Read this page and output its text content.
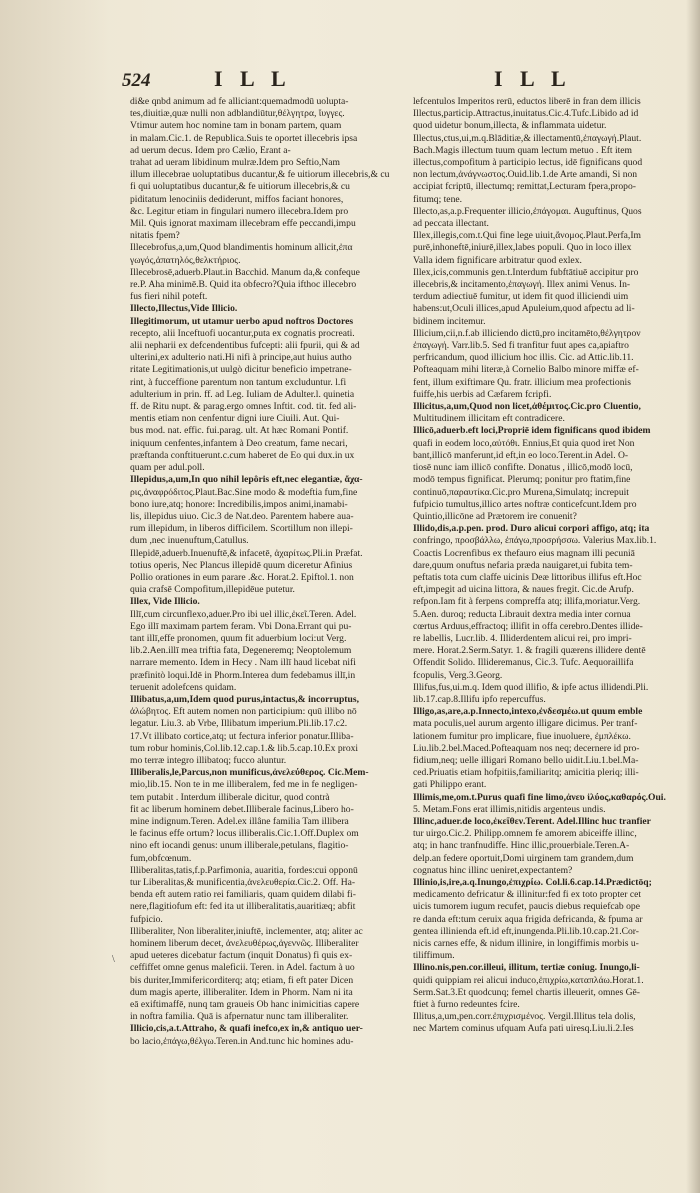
524	I L L	I L L
\
di&e qnbd animum ad fe alliciant:quemadmodū uolupta-
tes,diuitiæ,quæ nulli non adblandiūtur,θέλγητρα, ἴυγγες.
Vtimur autem hoc nomine tam in bonam partem, quam
in malam.Cic.1. de Republica.Suis te oportet illecebris ipsa
ad uerum decus. Idem pro Cælio, Erant a-
trahat ad ueram libidinum mulræ.Idem pro Seftio,Nam
illum illecebrae uoluptatibus ducantur,& fe uitiorum illecebris,& cu
fi qui uoluptatibus ducantur,& fe uitiorum illecebris,& cu
piditatum lenociniis dediderunt, miffos faciant honores,
&c. Legitur etiam in fingulari numero illecebra.Idem pro
Mil. Quis ignorat maximam illecebram effe peccandi,impu
nitatis fpem?
Illecebrofus,a,um,Quod blandimentis hominum allicit,ἐπα
γωγός,ἀπατηλός,θελκτήριος.
Illecebrosē,aduerb.Plaut.in Bacchid. Manum da,& confeque
re.P. Aha minimē.B. Quid ita obfecro?Quia ifthoc illecebro
fus fieri nihil poteft.
Illecto,Illectus,Vide Illicio.
Illegitimorum, ut utamur uerbo apud noftros Doctores
recepto, alii Inceftuofi uocantur,puta ex cognatis procreati.
alii nepharii ex defcendentibus fufcepti: alii fpurii, qui & ad
ulterini,ex adulterio nati.Hi nifi à principe,aut huius autho
ritate Legitimationis,ut uulgò dicitur beneficio impetrane-
rint, à fucceffione parentum non tantum excluduntur. l.fi
adulterium in prin. ff. ad Leg. Iuliam de Adulter.l. quinetia
ff. de Ritu nupt. & parag.ergo omnes Inftit. cod. tit. fed ali-
mentis etiam non cenfentur digni iure Ciuili. Aut. Qui-
bus mod. nat. effic. fui.parag. ult. At hæc Romani Pontif.
iniquum cenfentes,infantem à Deo creatum, fame necari,
præftanda conftituerunt.c.cum haberet de Eo qui dux.in ux
quam per adul.poll.
Illepidus,a,um,In quo nihil lepôris eft,nec elegantiæ, ἄχα-
ρις,ἀναφρόδιτος.Plaut.Bac.Sine modo & modeftia fum,fine
bono iure,atq; honore: Incredibilis,impos animi,inamabi-
lis, illepidus uiuo. Cic.3 de Nat.deo. Parentem habere aua-
rum illepidum, in liberos difficilem. Scortillum non illepi-
dum ,nec inuenuftum,Catullus.
Illepidē,aduerb.Inuenuftē,& infacetē, ἀχαρίτως.Pli.in Præfat.
totius operis, Nec Plancus illepidē quum diceretur Afinius
Pollio orationes in eum parare .&c. Horat.2. Epiftol.1. non
quia crafsē Compofitum,illepidēue putetur.
Illex, Vide Illicio.
Illī,cum circunflexo,aduer.Pro ibi uel illic,ἐκεῖ.Teren. Adel.
Ego illī maximam partem feram. Vbi Dona.Errant qui pu-
tant illī,effe pronomen, quum fit aduerbium loci:ut Verg.
lib.2.Aen.illī mea triftia fata, Degeneremq; Neoptolemum
narrare memento. Idem in Hecy . Nam illī haud licebat nifi
præfinitò loqui.Idē in Phorm.Interea dum fedebamus illī,in
teruenit adolefcens quidam.
Illibatus,a,um,Idem quod purus,intactus,& incorruptus,
ἀλώβητος. Eft autem nomen non participium: quū illibo nō
legatur. Liu.3. ab Vrbe, Illibatum imperium.Pli.lib.17.c2.
17.Vt illibato cortice,atq; ut fectura inferior ponatur.Illiba-
tum robur hominis,Col.lib.12.cap.1.& lib.5.cap.10.Ex proxi
mo terræ integro illibatoq; fucco aluntur.
Illiberalis,le,Parcus,non munificus,ἀνελεύθερος. Cic.Mem-
mio,lib.15. Non te in me illiberalem, fed me in fe negligen-
tem putabit . Interdum illiberale dicitur, quod contrà
fit ac liberum hominem debet.Illiberale facinus,Libero ho-
mine indignum.Teren. Adel.ex illâne familia Tam illibera
le facinus effe ortum? locus illiberalis.Cic.1.Off.Duplex om
nino eft iocandi genus: unum illiberale,petulans, flagitio-
fum,obfcœnum.
Illiberalitas,tatis,f.p.Parfimonia, auaritia, fordes:cui opponū
tur Liberalitas,& munificentia,ἀνελευθερία.Cic.2. Off. Ha-
benda eft autem ratio rei familiaris, quam quidem dilabi fi-
nere,flagitiofum eft: fed ita ut illiberalitatis,auaritiæq; abfit
fufpicio.
Illiberaliter, Non liberaliter,iniuftē, inclementer, atq; aliter ac
hominem liberum decet, ἀνελευθέρως,ἀγεννῶς. Illiberaliter
apud ueteres dicebatur factum (inquit Donatus) fi quis ex-
ceffiffet omne genus maleficii. Teren. in Adel. factum à uo
bis duriter,Immifericorditerq; atq; etiam, fi eft pater Dicen
dum magis aperte, illiberaliter. Idem in Phorm. Nam ni ita
eā exiftimaffē, nunq tam graueis Ob hanc inimicitias capere
in noftra familia. Quā is afpernatur nunc tam illiberaliter.
Illicio,cis,a.t.Attraho, & quafi inefco,ex in,& antiquo uer-
bo lacio,ἐπάγω,θέλγω.Teren.in And.tunc hic homines adu-
lefcentulos Imperitos rerū, eductos liberē in fran dem illicis
Illectus,particip.Attractus,inuitatus.Cic.4.Tufc.Libido ad id
quod uidetur bonum,illecta, & inflammata uidetur.
Illectus,ctus,ui,m.q.Blāditiæ,& illectamentū,ἐπαγωγή.Plaut.
Bach.Magis illectum tuum quam lectum metuo . Eft item
illectus,compofitum à participio lectus, idē fignificans quod
non lectum,ἀνάγνωστος.Ouid.lib.1.de Arte amandi, Si non
accipiat fcriptū, illectumq; remittat,Lecturam fpera,propo-
fitumq; tene.
Illecto,as,a.p.Frequenter illicio,ἐπάγομαι. Auguftinus, Quos
ad peccata illectant.
Illex,illegis,com.t.Qui fine lege uiuit,ἄνομος.Plaut.Perfa,Im
purē,inhoneftē,iniurē,illex,labes populi. Quo in loco illex
Valla idem fignificare arbitratur quod exlex.
Illex,icis,communis gen.t.Interdum fubftātiuē accipitur pro
illecebris,& incitamento,ἐπαγωγή. Illex animi Venus. In-
terdum adiectiuē fumitur, ut idem fit quod illiciendi uim
habens:ut,Oculi illices,apud Apuleium,quod afpectu ad li-
bidinem incitemur.
Illicium,cii,n.f.ab illiciendo dictū,pro incitamēto,θέλγητρον
ἐπαγωγή. Varr.lib.5. Sed fi tranfitur fuut apes ca,apiaftro
perfricandum, quod illicium hoc illis. Cic. ad Attic.lib.11.
Pofteaquam mihi literæ,à Cornelio Balbo minore miffæ ef-
fent, illum exiftimare Qu. fratr. illicium mea profectionis
fuiffe,his uerbis ad Cæfarem fcripfi.
Illicitus,a,um,Quod non licet,ἀθέμιτος.Cic.pro Cluentio,
Multitudinem illicitam eft contradicere.
Illicō,aduerb.eft loci,Propriē idem fignificans quod ibidem
quafi in eodem loco,αὐτόθι. Ennius,Et quia quod iret Non
bant,illicō manferunt,id eft,in eo loco.Terent.in Adel. O-
tiosē nunc iam illicō confifte. Donatus , illicō,modō locū,
modō tempus fignificat. Plerumq; ponitur pro ftatim,fine
continuō,παραυτίκα.Cic.pro Murena,Simulatq; increpuit
fufpicio tumultus,illico artes noftræ conticefcunt.Idem pro
Quintio,illicōne ad Prætorem ire conuenit?
Illido,dis,a.p.pen. prod. Duro alicui corpori affigo, atq; ita
confringo, προσβάλλω, ἐπάγω,προσρήσσω. Valerius Max.lib.1.
Coactis Locrenfibus ex thefauro eius magnam illi pecuniā
dare,quum onuftus nefaria præda nauigaret,ui fubita tem-
peftatis tota cum claffe uicinis Deæ littoribus illifus eft.Hoc
eft,impegit ad uicina littora, & naues fregit. Cic.de Arufp.
refpon.Iam fit à ferpens compreffa atq; illifa,moriatur.Verg.
5.Aen. duroq; reducta Librauit dextra media inter cornua
cœrtus Arduus,effractoq; illifit in offa cerebro.Dentes illide-
re labellis, Lucr.lib. 4. Illiderdentem alicui rei, pro impri-
mere. Horat.2.Serm.Satyr. 1. & fragili quærens illidere dentē
Offendit Solido. Illideremanus, Cic.3. Tufc. Aequoraillifa
fcopulis, Verg.3.Georg.
Illifus,fus,ui.m.q. Idem quod illifio, & ipfe actus illidendi.Pli.
lib.17.cap.8.Illifu ipfo repercuffus.
Illigo,as,are,a.p.Innecto,intexo,ἐνδεσμέω.ut quum emble
mata poculis,uel aurum argento illigare dicimus. Per tranf-
lationem fumitur pro implicare, fiue inuoluere, ἐμπλέκω.
Liu.lib.2.bel.Maced.Pofteaquam nos neq; decernere id pro-
fidium,neq; uelle illigari Romano bello uidit.Liu.1.bel.Ma-
ced.Priuatis etiam hofpitiis,familiaritq; amicitia pleriq; illi-
gati Philippo erant.
Illimis,me,om.t.Purus quafi fine limo,ἀνευ ἰλύος,καθαρός.Oui.
5. Metam.Fons erat illimis,nitidis argenteus undis.
Illinc,aduer.de loco,ἐκεῖθεν.Terent. Adel.Illinc huc tranfier
tur uirgo.Cic.2. Philipp.omnem fe amorem abiceiffe illinc,
atq; in hanc tranfnudiffe. Hinc illic,prouerbiale.Teren.A-
delp.an federe oportuit,Domi uirginem tam grandem,dum
cognatus hinc illinc ueniret,expectantem?
Illinio,is,ire,a.q.Inungo,ἐπιχρίω. Col.li.6.cap.14.Prædictōq;
medicamento defricatur & illinitur:fed fi ex toto propter cet
uicis tumorem iugum recufet, paucis diebus requiefcab ope
re danda eft:tum ceruix aqua frigida defricanda, & fpuma ar
gentea illinienda eft.id eft,inungenda.Pli.lib.10.cap.21.Cor-
nicis carnes effe, & nidum illinire, in longiffimis morbis u-
tiliffimum.
Illino.nis,pen.cor.illeui, illitum, tertiæ coniug. Inungo,li-
quidi quippiam rei alicui induco,ἐπιχρίω,καταπλάω.Horat.1.
Serm.Sat.3.Et quodcunq; femel chartis illeuerit, omnes Gē-
ftiet à furno redeuntes fcire.
Illitus,a,um,pen.corr.ἐπιχρισμένος. Vergil.Illitus tela dolis,
nec Martem cominus ufquam Aufa pati uiresq.Liu.li.2.Ies
